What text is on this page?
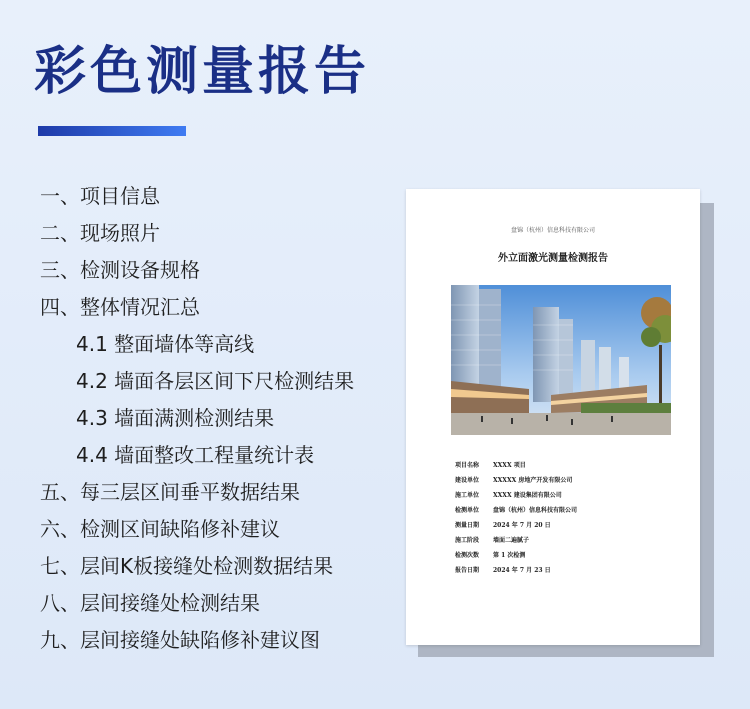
彩色测量报告
一、项目信息
二、现场照片
三、检测设备规格
四、整体情况汇总
4.1 整面墙体等高线
4.2 墙面各层区间下尺检测结果
4.3 墙面满测检测结果
4.4 墙面整改工程量统计表
五、每三层区间垂平数据结果
六、检测区间缺陷修补建议
七、层间K板接缝处检测数据结果
八、层间接缝处检测结果
九、层间接缝处缺陷修补建议图
盘锦（杭州）信息科技有限公司
外立面激光测量检测报告
项目名称 XXXX 项目
建设单位 XXXXX 房地产开发有限公司
施工单位 XXXX 建设集团有限公司
检测单位 盘锦（杭州）信息科技有限公司
测量日期 2024 年 7 月 20 日
施工阶段 墙面二遍腻子
检测次数 第 1 次检测
报告日期 2024 年 7 月 23 日
